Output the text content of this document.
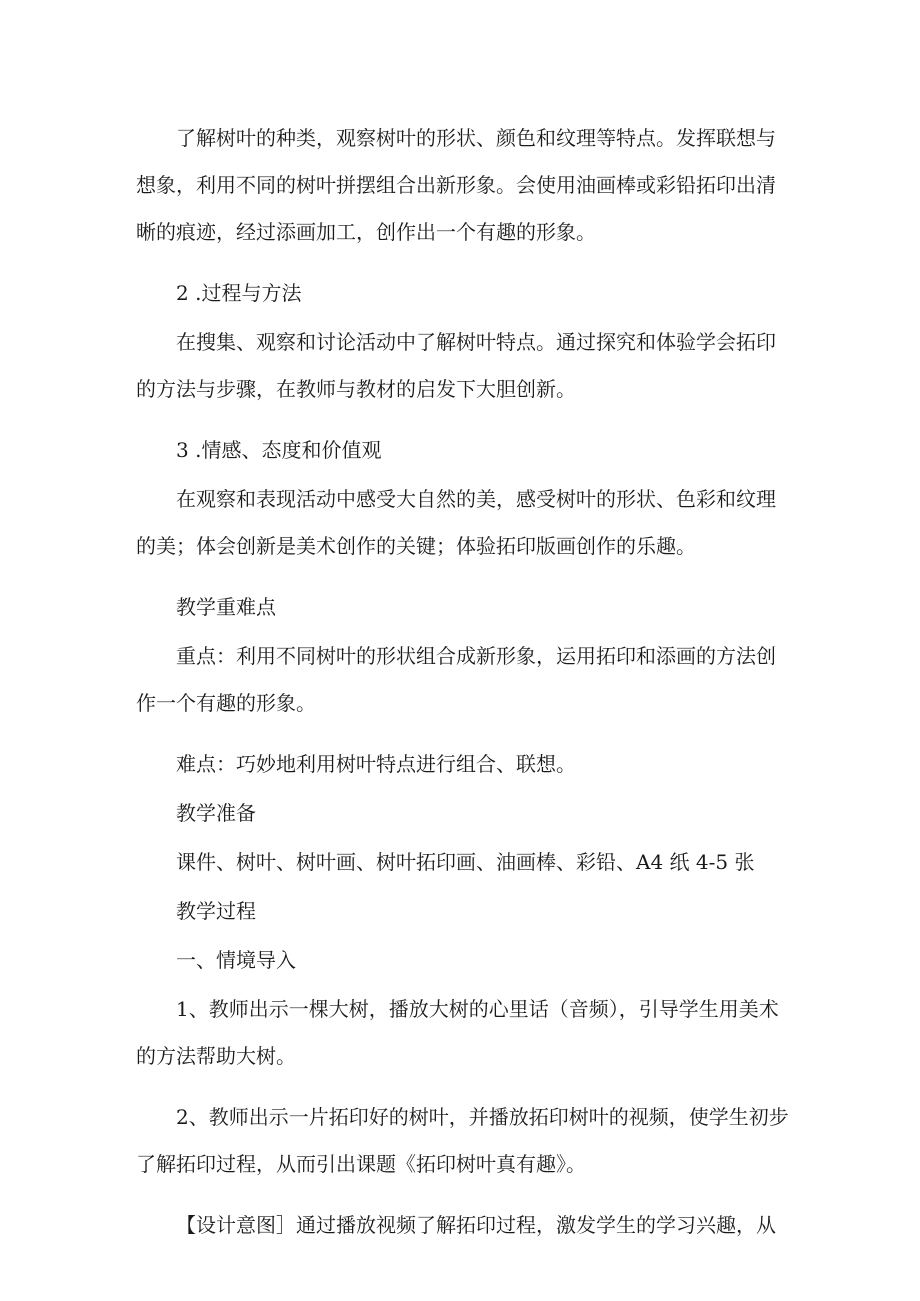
了解树叶的种类，观察树叶的形状、颜色和纹理等特点。发挥联想与想象，利用不同的树叶拼摆组合出新形象。会使用油画棒或彩铅拓印出清晰的痕迹，经过添画加工，创作出一个有趣的形象。

2 .过程与方法

在搜集、观察和讨论活动中了解树叶特点。通过探究和体验学会拓印的方法与步骤，在教师与教材的启发下大胆创新。

3 .情感、态度和价值观

在观察和表现活动中感受大自然的美，感受树叶的形状、色彩和纹理的美；体会创新是美术创作的关键；体验拓印版画创作的乐趣。

教学重难点

重点：利用不同树叶的形状组合成新形象，运用拓印和添画的方法创作一个有趣的形象。

难点：巧妙地利用树叶特点进行组合、联想。

教学准备

课件、树叶、树叶画、树叶拓印画、油画棒、彩铅、A4 纸 4-5 张

教学过程

一、情境导入

1、教师出示一棵大树，播放大树的心里话（音频），引导学生用美术的方法帮助大树。

2、教师出示一片拓印好的树叶，并播放拓印树叶的视频，使学生初步了解拓印过程，从而引出课题《拓印树叶真有趣》。

【设计意图］通过播放视频了解拓印过程，激发学生的学习兴趣，从
